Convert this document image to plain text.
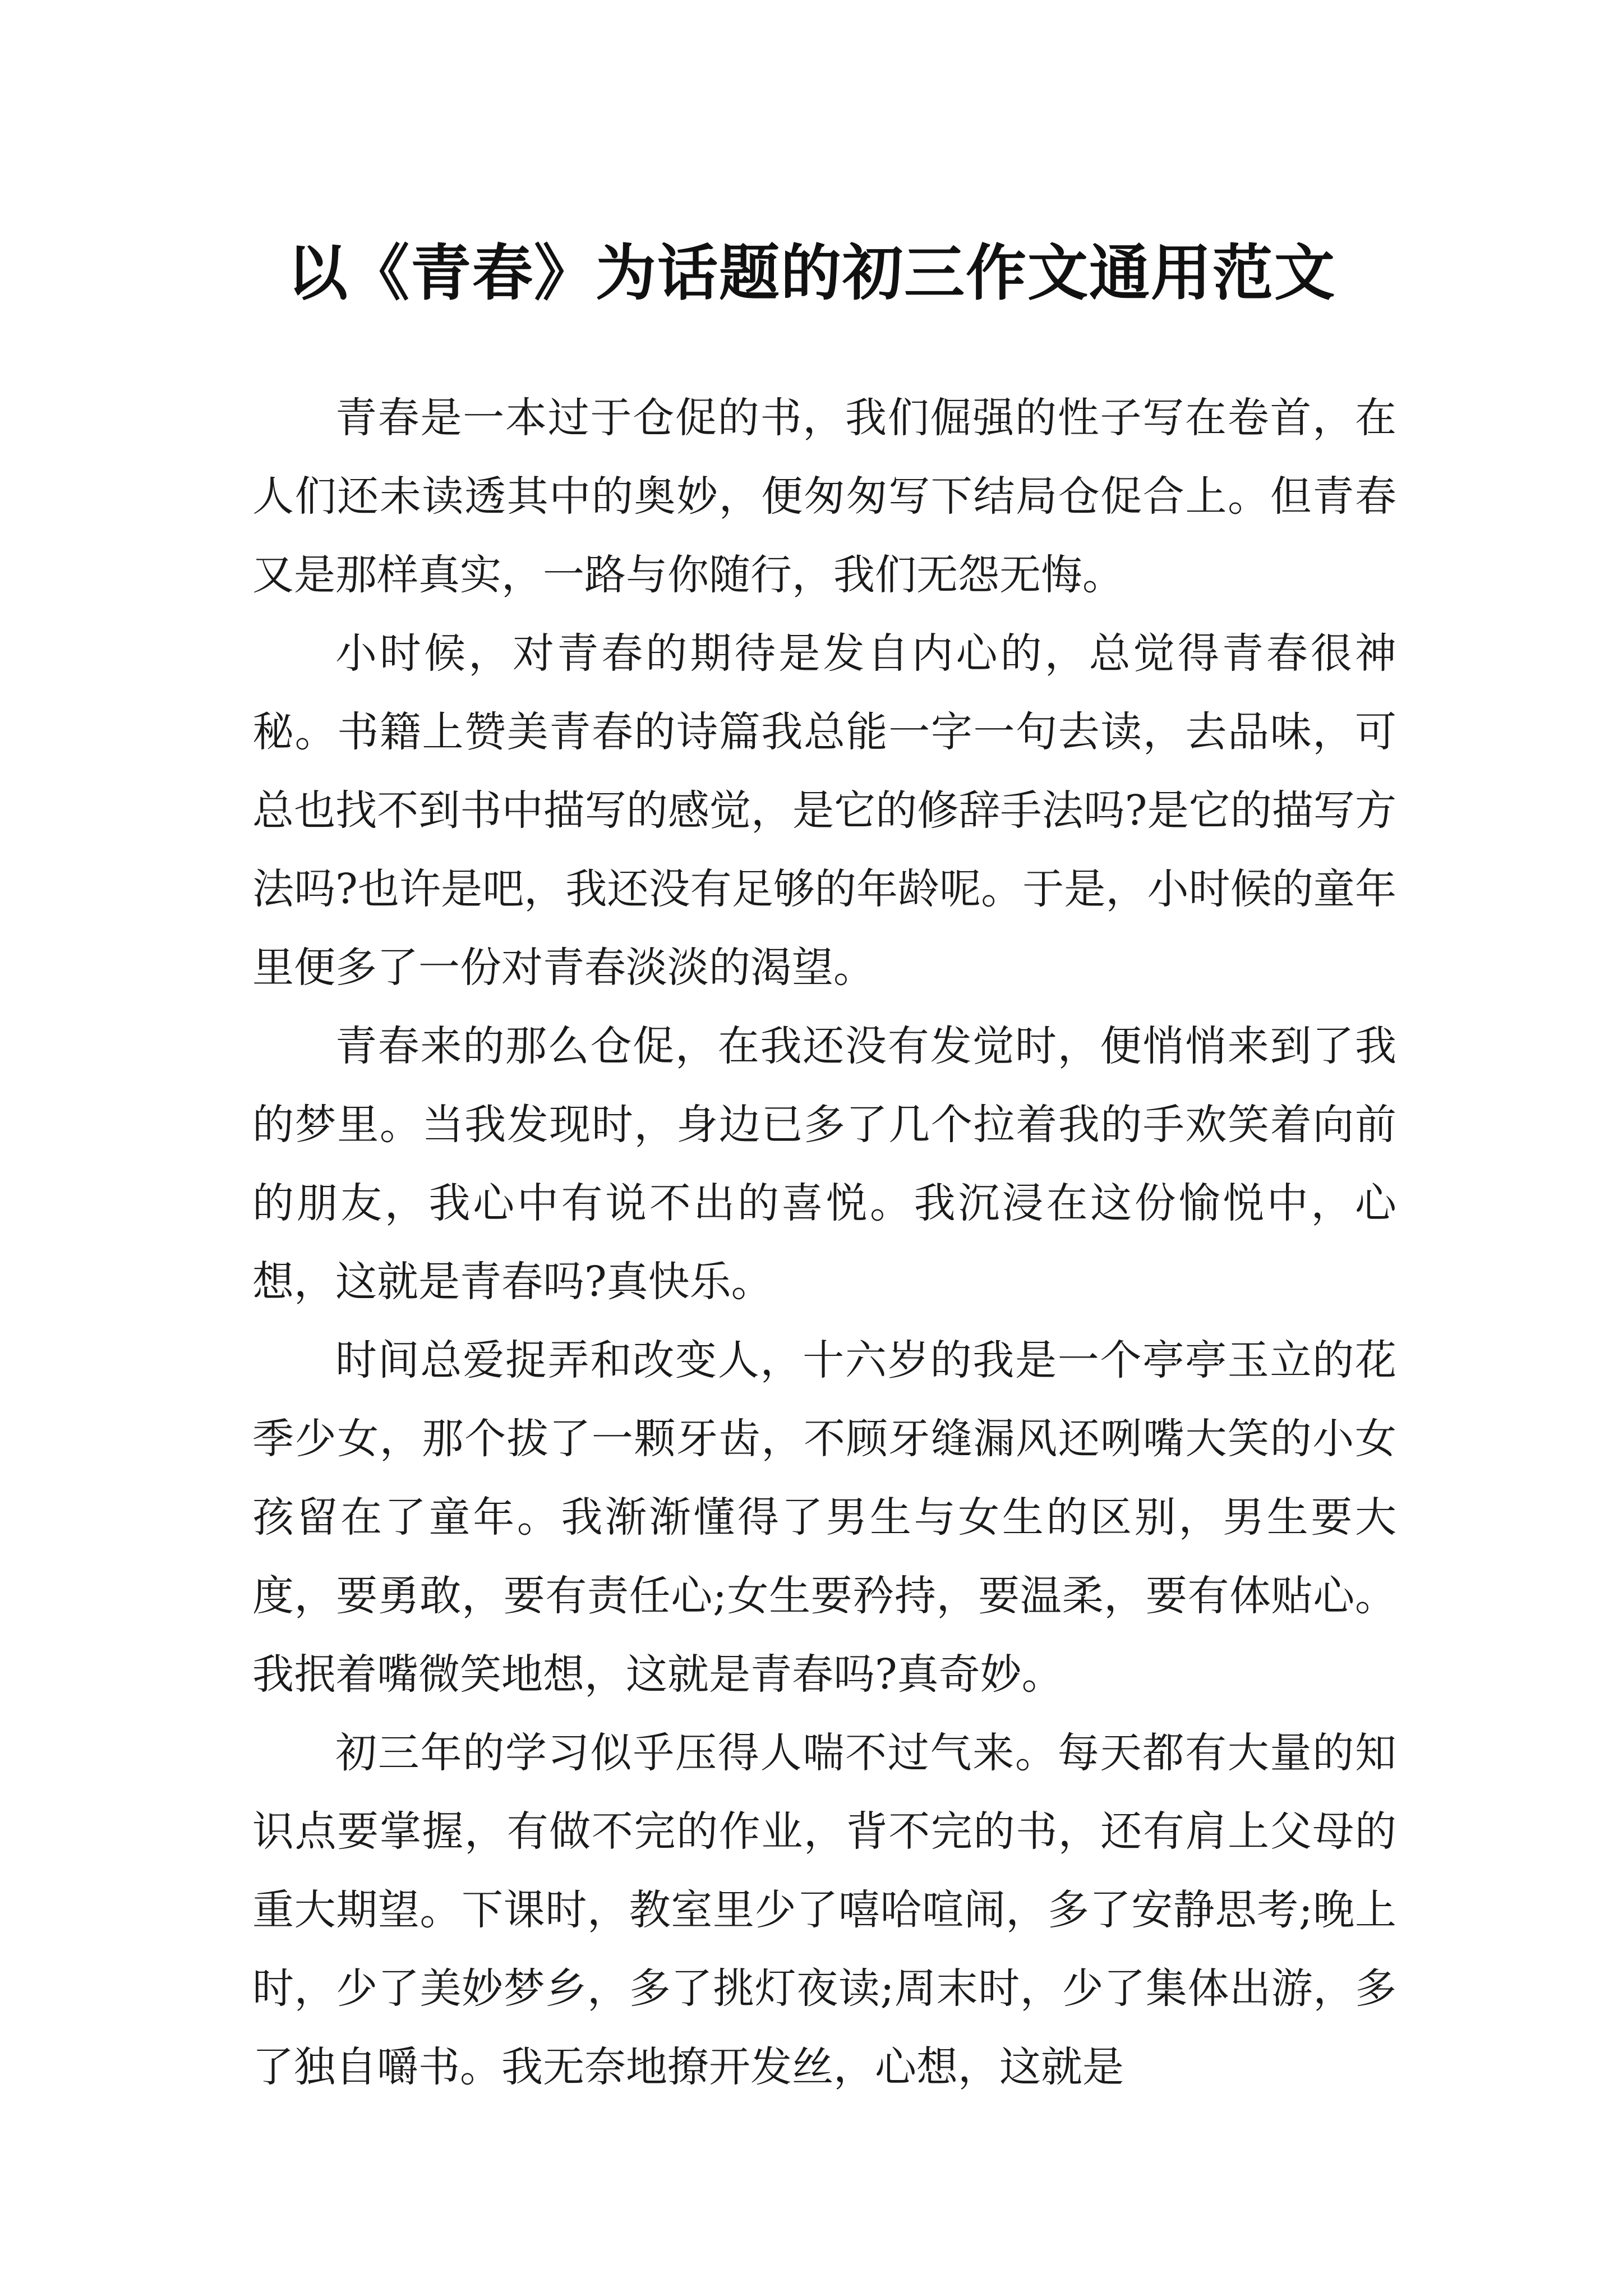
以《青春》为话题的初三作文通用范文

青春是一本过于仓促的书，我们倔强的性子写在卷首，在人们还未读透其中的奥妙，便匆匆写下结局仓促合上。但青春又是那样真实，一路与你随行，我们无怨无悔。

小时候，对青春的期待是发自内心的，总觉得青春很神秘。书籍上赞美青春的诗篇我总能一字一句去读，去品味，可总也找不到书中描写的感觉，是它的修辞手法吗?是它的描写方法吗?也许是吧，我还没有足够的年龄呢。于是，小时候的童年里便多了一份对青春淡淡的渴望。

青春来的那么仓促，在我还没有发觉时，便悄悄来到了我的梦里。当我发现时，身边已多了几个拉着我的手欢笑着向前的朋友，我心中有说不出的喜悦。我沉浸在这份愉悦中，心想，这就是青春吗?真快乐。

时间总爱捉弄和改变人，十六岁的我是一个亭亭玉立的花季少女，那个拔了一颗牙齿，不顾牙缝漏风还咧嘴大笑的小女孩留在了童年。我渐渐懂得了男生与女生的区别，男生要大度，要勇敢，要有责任心;女生要矜持，要温柔，要有体贴心。我抿着嘴微笑地想，这就是青春吗?真奇妙。

初三年的学习似乎压得人喘不过气来。每天都有大量的知识点要掌握，有做不完的作业，背不完的书，还有肩上父母的重大期望。下课时，教室里少了嘻哈喧闹，多了安静思考;晚上时，少了美妙梦乡，多了挑灯夜读;周末时，少了集体出游，多了独自嚼书。我无奈地撩开发丝，心想，这就是
